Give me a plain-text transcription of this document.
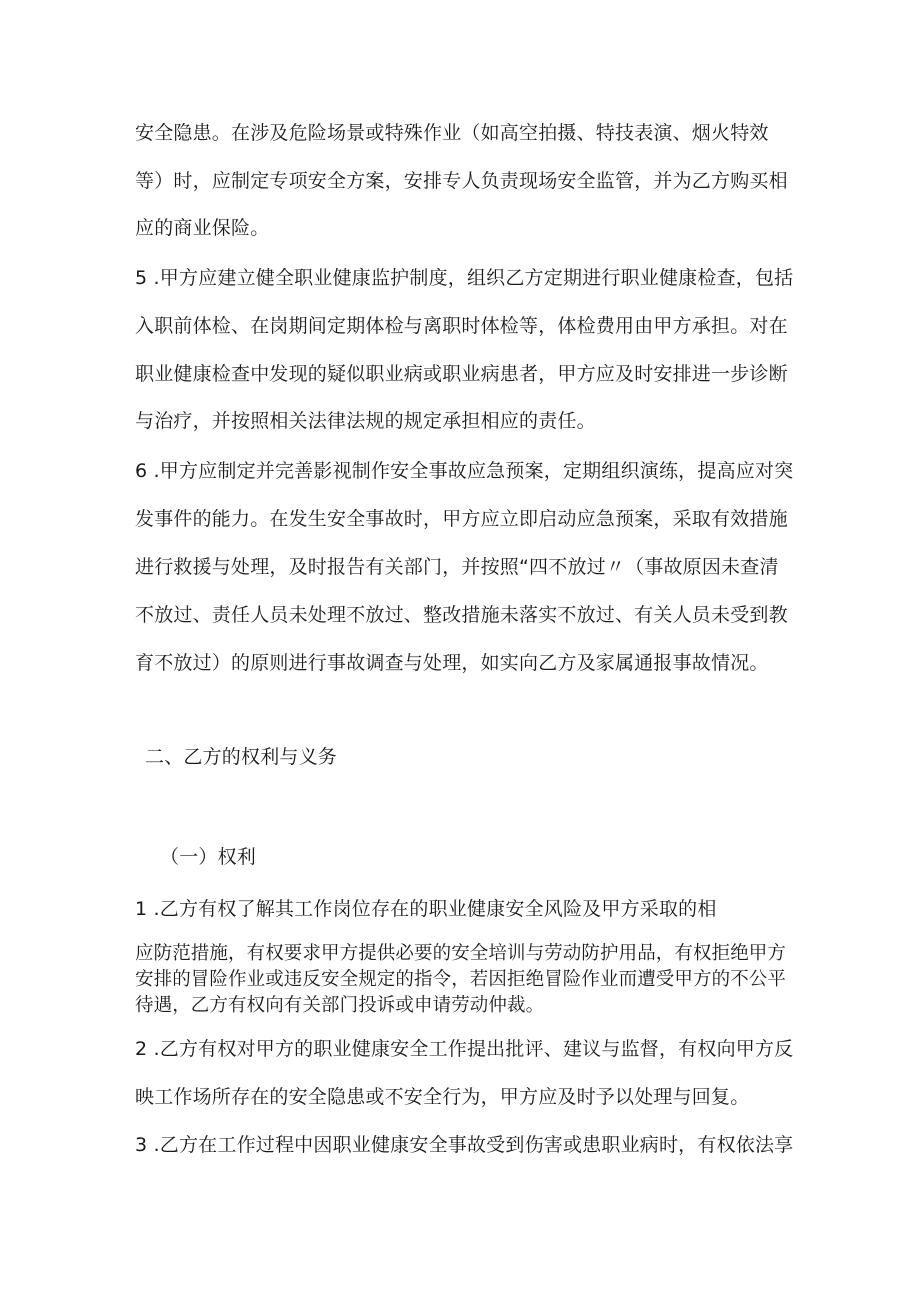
安全隐患。在涉及危险场景或特殊作业（如高空拍摄、特技表演、烟火特效
等）时，应制定专项安全方案，安排专人负责现场安全监管，并为乙方购买相
应的商业保险。
5 .甲方应建立健全职业健康监护制度，组织乙方定期进行职业健康检查，包括
入职前体检、在岗期间定期体检与离职时体检等，体检费用由甲方承担。对在
职业健康检查中发现的疑似职业病或职业病患者，甲方应及时安排进一步诊断
与治疗，并按照相关法律法规的规定承担相应的责任。
6 .甲方应制定并完善影视制作安全事故应急预案，定期组织演练，提高应对突
发事件的能力。在发生安全事故时，甲方应立即启动应急预案，采取有效措施
进行救援与处理，及时报告有关部门，并按照“四不放过〃（事故原因未查清
不放过、责任人员未处理不放过、整改措施未落实不放过、有关人员未受到教
育不放过）的原则进行事故调查与处理，如实向乙方及家属通报事故情况。
二、乙方的权利与义务
（一）权利
1 .乙方有权了解其工作岗位存在的职业健康安全风险及甲方采取的相
应防范措施，有权要求甲方提供必要的安全培训与劳动防护用品，有权拒绝甲方
安排的冒险作业或违反安全规定的指令，若因拒绝冒险作业而遭受甲方的不公平
待遇，乙方有权向有关部门投诉或申请劳动仲裁。
2 .乙方有权对甲方的职业健康安全工作提出批评、建议与监督，有权向甲方反
映工作场所存在的安全隐患或不安全行为，甲方应及时予以处理与回复。
3 .乙方在工作过程中因职业健康安全事故受到伤害或患职业病时，有权依法享
